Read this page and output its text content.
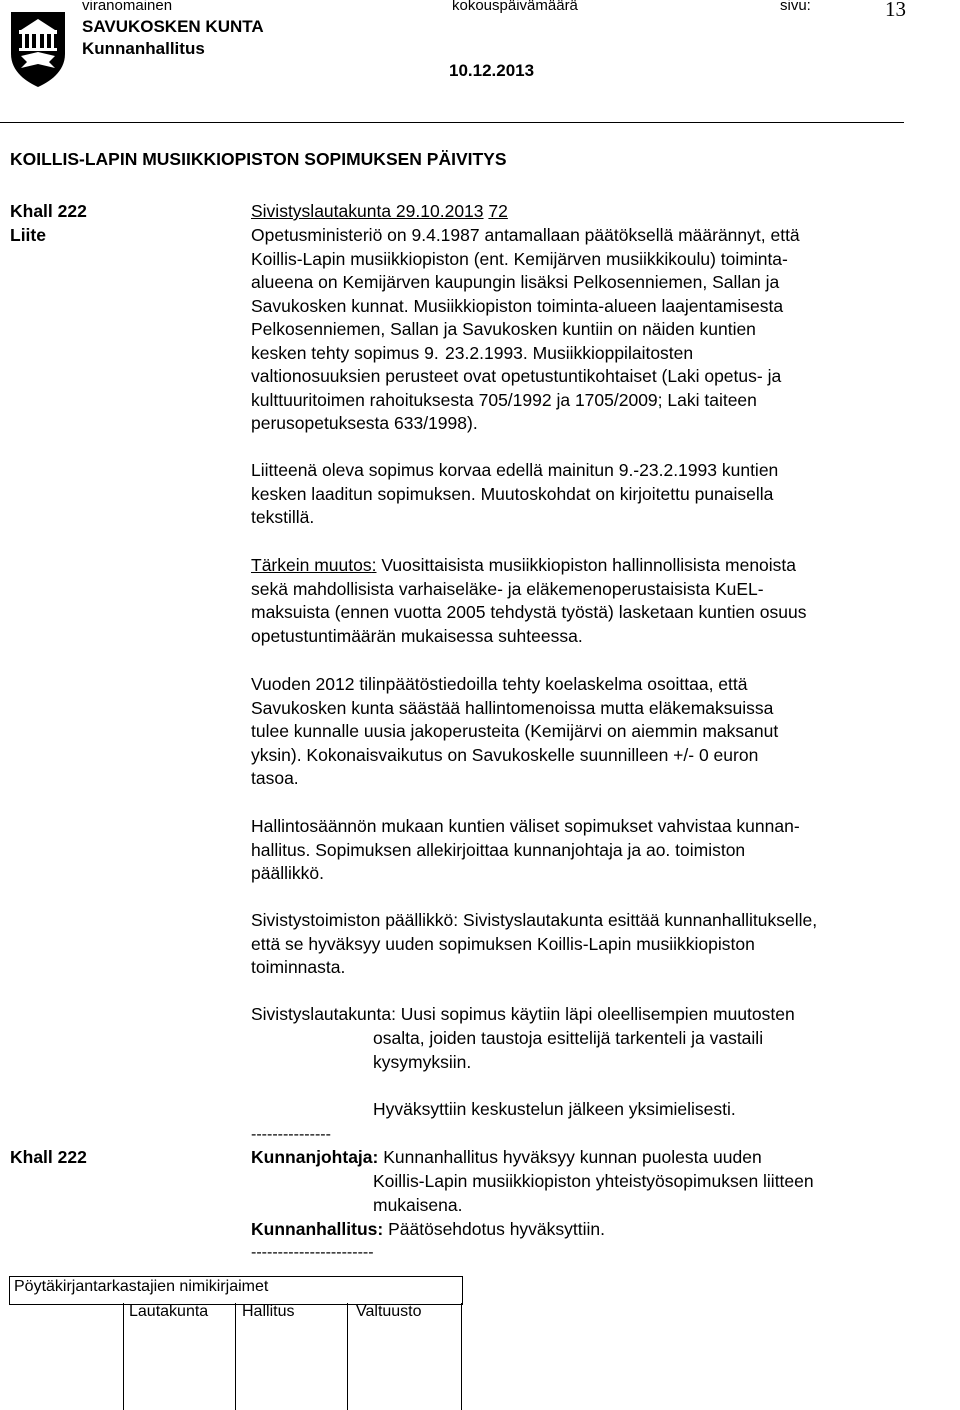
viranomainen	kokouspäivämäärä	sivu:	13
SAVUKOSKEN KUNTA
Kunnanhallitus
10.12.2013
KOILLIS-LAPIN MUSIIKKIOPISTON SOPIMUKSEN PÄIVITYS
Khall 222
Liite
Sivistyslautakunta 29.10.2013 72
Opetusministeriö on 9.4.1987 antamallaan päätöksellä määrännyt, että
Koillis-Lapin musiikkiopiston (ent. Kemijärven musiikkikoulu) toiminta-
alueena on Kemijärven kaupungin lisäksi Pelkosenniemen, Sallan ja
Savukosken kunnat. Musiikkiopiston toiminta-alueen laajentamisesta
Pelkosenniemen, Sallan ja Savukosken kuntiin on näiden kuntien
kesken tehty sopimus 9.  23.2.1993. Musiikkioppilaitosten
valtionosuuksien perusteet ovat opetustuntikohtaiset (Laki opetus- ja
kulttuuritoimen rahoituksesta 705/1992 ja 1705/2009; Laki taiteen
perusopetuksesta 633/1998).
Liitteenä oleva sopimus korvaa edellä mainitun 9.-23.2.1993 kuntien
kesken laaditun sopimuksen. Muutoskohdat on kirjoitettu punaisella
tekstillä.
Tärkein muutos: Vuosittaisista musiikkiopiston hallinnollisista menoista
sekä mahdollisista varhaiseläke- ja eläkemenoperustaisista KuEL-
maksuista (ennen vuotta 2005 tehdystä työstä) lasketaan kuntien osuus
opetustuntimäärän mukaisessa suhteessa.
Vuoden 2012 tilinpäätöstiedoilla tehty koelaskelma osoittaa, että
Savukosken kunta säästää hallintomenoissa mutta eläkemaksuissa
tulee kunnalle uusia jakoperusteita (Kemijärvi on aiemmin maksanut
yksin). Kokonaisvaikutus on Savukoskelle suunnilleen +/- 0 euron
tasoa.
Hallintosäännön mukaan kuntien väliset sopimukset vahvistaa kunnan-
hallitus. Sopimuksen allekirjoittaa kunnanjohtaja ja ao. toimiston
päällikkö.
Sivistystoimiston päällikkö: Sivistyslautakunta esittää kunnanhallitukselle,
että se hyväksyy uuden sopimuksen Koillis-Lapin musiikkiopiston
toiminnasta.
Sivistyslautakunta: Uusi sopimus käytiin läpi oleellisempien muutosten
osalta, joiden taustoja esittelijä tarkenteli ja vastaili
kysymyksiin.
Hyväksyttiin keskustelun jälkeen yksimielisesti.
---------------
Khall 222	Kunnanjohtaja: Kunnanhallitus hyväksyy kunnan puolesta uuden
Koillis-Lapin musiikkiopiston yhteistyösopimuksen liitteen
mukaisena.
Kunnanhallitus: Päätösehdotus hyväksyttiin.
-----------------------
Pöytäkirjantarkastajien nimikirjaimet
Lautakunta Hallitus	Valtuusto
